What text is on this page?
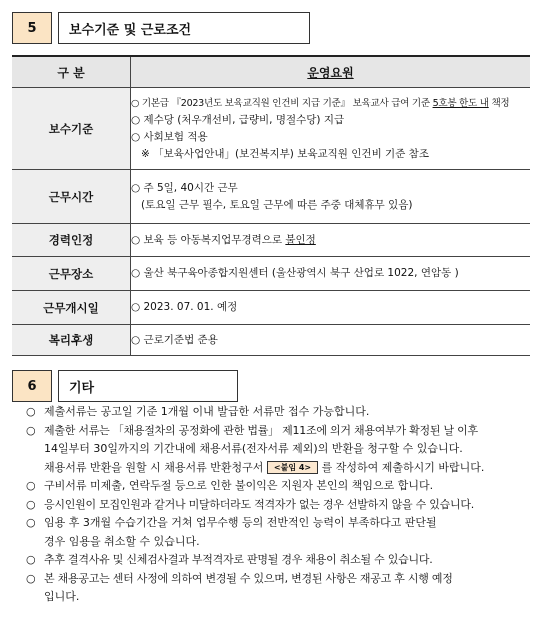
5	보수기준 및 근로조건
구 분	운영요원
보수기준	○ 기본급 『2023년도 보육교직원 인건비 지급 기준』 보육교사 급여 기준 5호봉 한도 내 책정
○ 제수당 (처우개선비, 급량비, 명절수당) 지급
○ 사회보험 적용
※ 「보육사업안내」(보건복지부) 보육교직원 인건비 기준 참조

근무시간	○ 주 5일, 40시간 근무
(토요일 근무 필수, 토요일 근무에 따른 주중 대체휴무 있음)

경력인정	○ 보육 등 아동복지업무경력으로 불인정
근무장소	○ 울산 북구육아종합지원센터 (울산광역시 북구 산업로 1022, 연암동 )
근무개시일	○ 2023. 07. 01. 예정
복리후생	○ 근로기준법 준용
6	기타
○ 제출서류는 공고일 기준 1개월 이내 발급한 서류만 접수 가능합니다.
○ 제출한 서류는 「채용절차의 공정화에 관한 법률」 제11조에 의거 채용여부가 확정된 날 이후
14일부터 30일까지의 기간내에 채용서류(전자서류 제외)의 반환을 청구할 수 있습니다.
채용서류 반환을 원할 시 채용서류 반환청구서 <붙임 4> 를 작성하여 제출하시기 바랍니다.
○ 구비서류 미제출, 연락두절 등으로 인한 불이익은 지원자 본인의 책임으로 합니다.
○ 응시인원이 모집인원과 같거나 미달하더라도 적격자가 없는 경우 선발하지 않을 수 있습니다.
○ 임용 후 3개월 수습기간을 거쳐 업무수행 등의 전반적인 능력이 부족하다고 판단될
경우 임용을 취소할 수 있습니다.
○ 추후 결격사유 및 신체검사결과 부적격자로 판명될 경우 채용이 취소될 수 있습니다.
○ 본 채용공고는 센터 사정에 의하여 변경될 수 있으며, 변경된 사항은 재공고 후 시행 예정
입니다.
